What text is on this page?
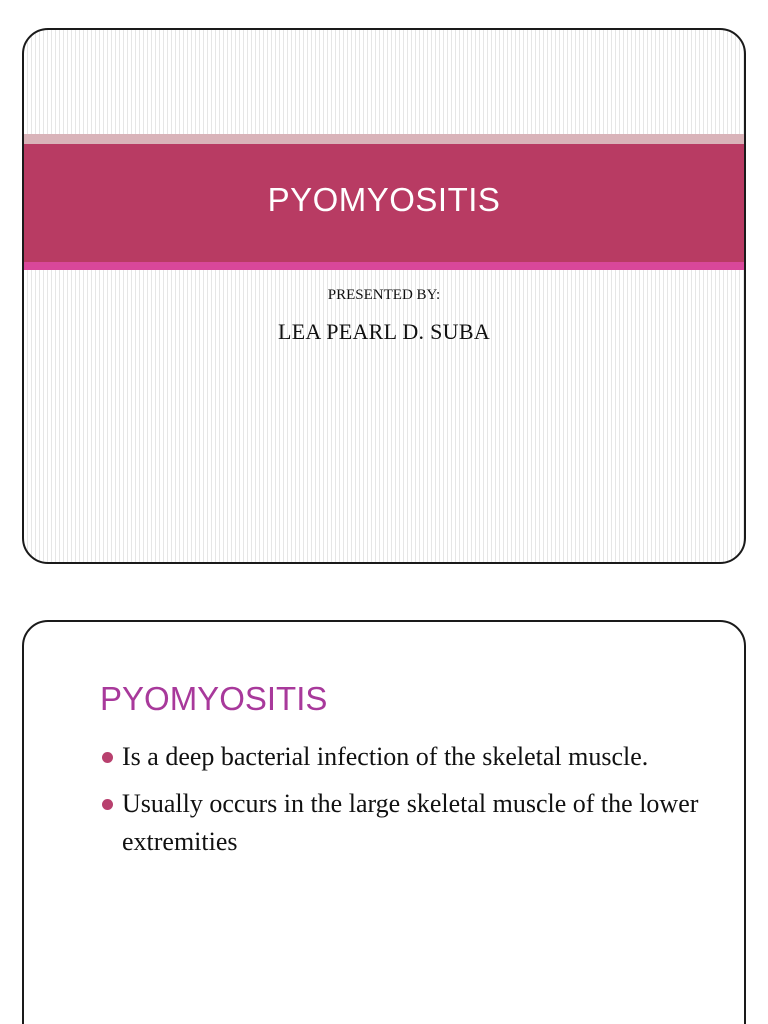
PYOMYOSITIS
PRESENTED BY:
LEA PEARL D. SUBA
PYOMYOSITIS
Is a deep bacterial infection of the skeletal muscle.
Usually occurs in the large skeletal muscle of the lower extremities
